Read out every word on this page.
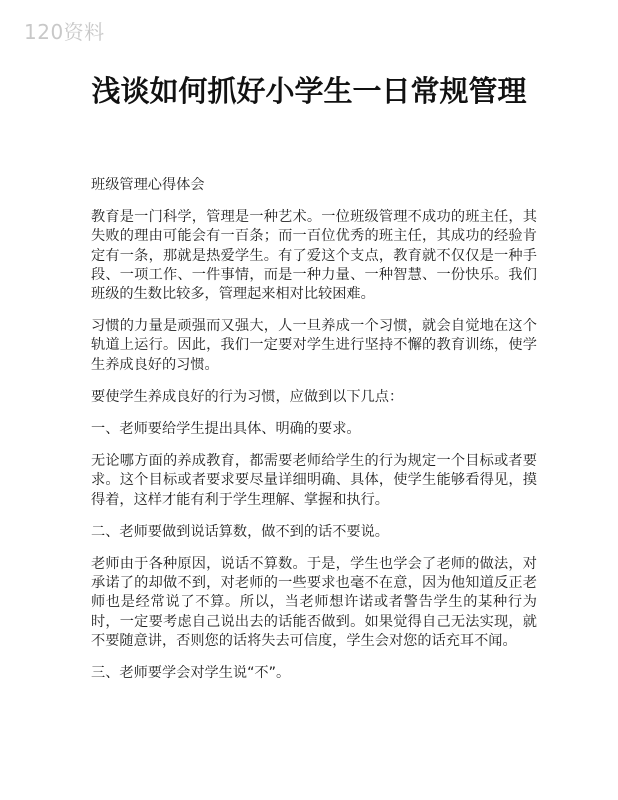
120资料
浅谈如何抓好小学生一日常规管理

班级管理心得体会

教育是一门科学，管理是一种艺术。一位班级管理不成功的班主任，其失败的理由可能会有一百条；而一百位优秀的班主任，其成功的经验肯定有一条，那就是热爱学生。有了爱这个支点，教育就不仅仅是一种手段、一项工作、一件事情，而是一种力量、一种智慧、一份快乐。我们班级的生数比较多，管理起来相对比较困难。

习惯的力量是顽强而又强大，人一旦养成一个习惯，就会自觉地在这个轨道上运行。因此，我们一定要对学生进行坚持不懈的教育训练，使学生养成良好的习惯。

要使学生养成良好的行为习惯，应做到以下几点：

一、老师要给学生提出具体、明确的要求。

无论哪方面的养成教育，都需要老师给学生的行为规定一个目标或者要求。这个目标或者要求要尽量详细明确、具体，使学生能够看得见，摸得着，这样才能有利于学生理解、掌握和执行。

二、老师要做到说话算数，做不到的话不要说。

老师由于各种原因，说话不算数。于是，学生也学会了老师的做法，对承诺了的却做不到，对老师的一些要求也毫不在意，因为他知道反正老师也是经常说了不算。所以，当老师想许诺或者警告学生的某种行为时，一定要考虑自己说出去的话能否做到。如果觉得自己无法实现，就不要随意讲，否则您的话将失去可信度，学生会对您的话充耳不闻。

三、老师要学会对学生说“不”。
